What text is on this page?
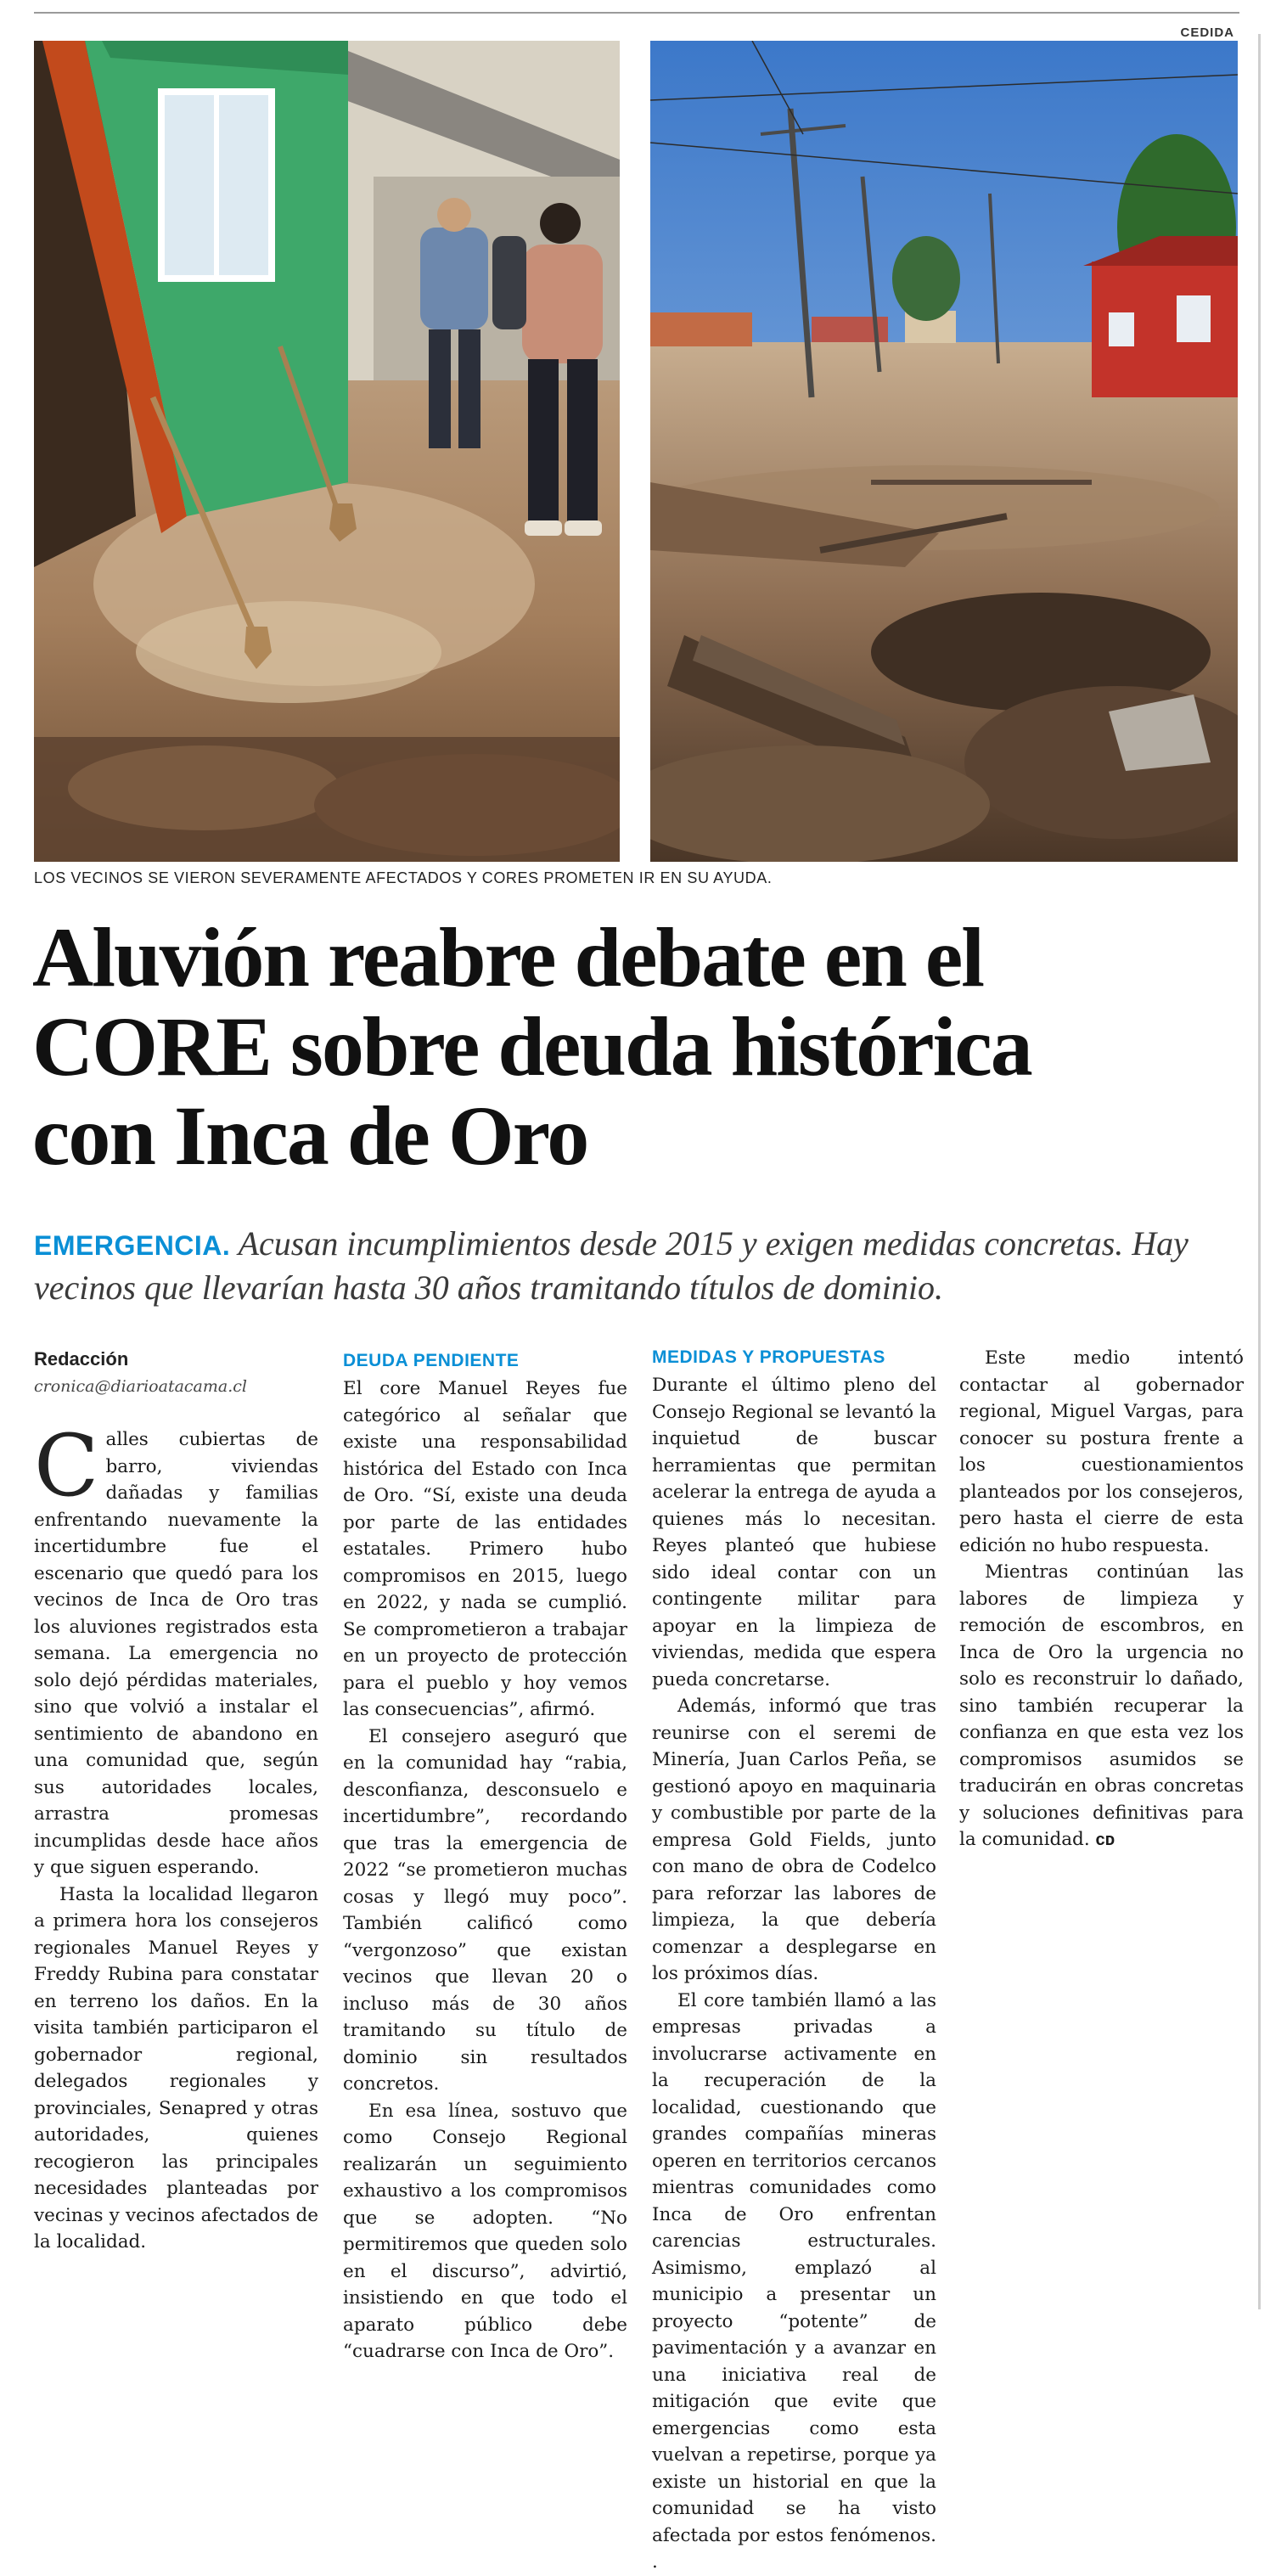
CEDIDA
LOS VECINOS SE VIERON SEVERAMENTE AFECTADOS Y CORES PROMETEN IR EN SU AYUDA.
Aluvión reabre debate en el
CORE sobre deuda histórica
con Inca de Oro

EMERGENCIA. Acusan incumplimientos desde 2015 y exigen medidas concretas. Hay vecinos que llevarían hasta 30 años tramitando títulos de dominio.

Redacción
cronica@diarioatacama.cl

Calles cubiertas de barro, viviendas dañadas y familias enfrentando nuevamente la incertidumbre fue el escenario que quedó para los vecinos de Inca de Oro tras los aluviones registrados esta semana. La emergencia no solo dejó pérdidas materiales, sino que volvió a instalar el sentimiento de abandono en una comunidad que, según sus autoridades locales, arrastra promesas incumplidas desde hace años y que siguen esperando.

Hasta la localidad llegaron a primera hora los consejeros regionales Manuel Reyes y Freddy Rubina para constatar en terreno los daños. En la visita también participaron el gobernador regional, delegados regionales y provinciales, Senapred y otras autoridades, quienes recogieron las principales necesidades planteadas por vecinas y vecinos afectados de la localidad.

DEUDA PENDIENTE

El core Manuel Reyes fue categórico al señalar que existe una responsabilidad histórica del Estado con Inca de Oro. “Sí, existe una deuda por parte de las entidades estatales. Primero hubo compromisos en 2015, luego en 2022, y nada se cumplió. Se comprometieron a trabajar en un proyecto de protección para el pueblo y hoy vemos las consecuencias”, afirmó.

El consejero aseguró que en la comunidad hay “rabia, desconfianza, desconsuelo e incertidumbre”, recordando que tras la emergencia de 2022 “se prometieron muchas cosas y llegó muy poco”. También calificó como “vergonzoso” que existan vecinos que llevan 20 o incluso más de 30 años tramitando su título de dominio sin resultados concretos.

En esa línea, sostuvo que como Consejo Regional realizarán un seguimiento exhaustivo a los compromisos que se adopten. “No permitiremos que queden solo en el discurso”, advirtió, insistiendo en que todo el aparato público debe “cuadrarse con Inca de Oro”.

MEDIDAS Y PROPUESTAS

Durante el último pleno del Consejo Regional se levantó la inquietud de buscar herramientas que permitan acelerar la entrega de ayuda a quienes más lo necesitan. Reyes planteó que hubiese sido ideal contar con un contingente militar para apoyar en la limpieza de viviendas, medida que espera pueda concretarse.

Además, informó que tras reunirse con el seremi de Minería, Juan Carlos Peña, se gestionó apoyo en maquinaria y combustible por parte de la empresa Gold Fields, junto con mano de obra de Codelco para reforzar las labores de limpieza, la que debería comenzar a desplegarse en los próximos días.

El core también llamó a las empresas privadas a involucrarse activamente en la recuperación de la localidad, cuestionando que grandes compañías mineras operen en territorios cercanos mientras comunidades como Inca de Oro enfrentan carencias estructurales. Asimismo, emplazó al municipio a presentar un proyecto “potente” de pavimentación y a avanzar en una iniciativa real de mitigación que evite que emergencias como esta vuelvan a repetirse, porque ya existe un historial en que la comunidad se ha visto afectada por estos fenómenos. .

Este medio intentó contactar al gobernador regional, Miguel Vargas, para conocer su postura frente a los cuestionamientos planteados por los consejeros, pero hasta el cierre de esta edición no hubo respuesta.

Mientras continúan las labores de limpieza y remoción de escombros, en Inca de Oro la urgencia no solo es reconstruir lo dañado, sino también recuperar la confianza en que esta vez los compromisos asumidos se traducirán en obras concretas y soluciones definitivas para la comunidad. ᴄᴅ
